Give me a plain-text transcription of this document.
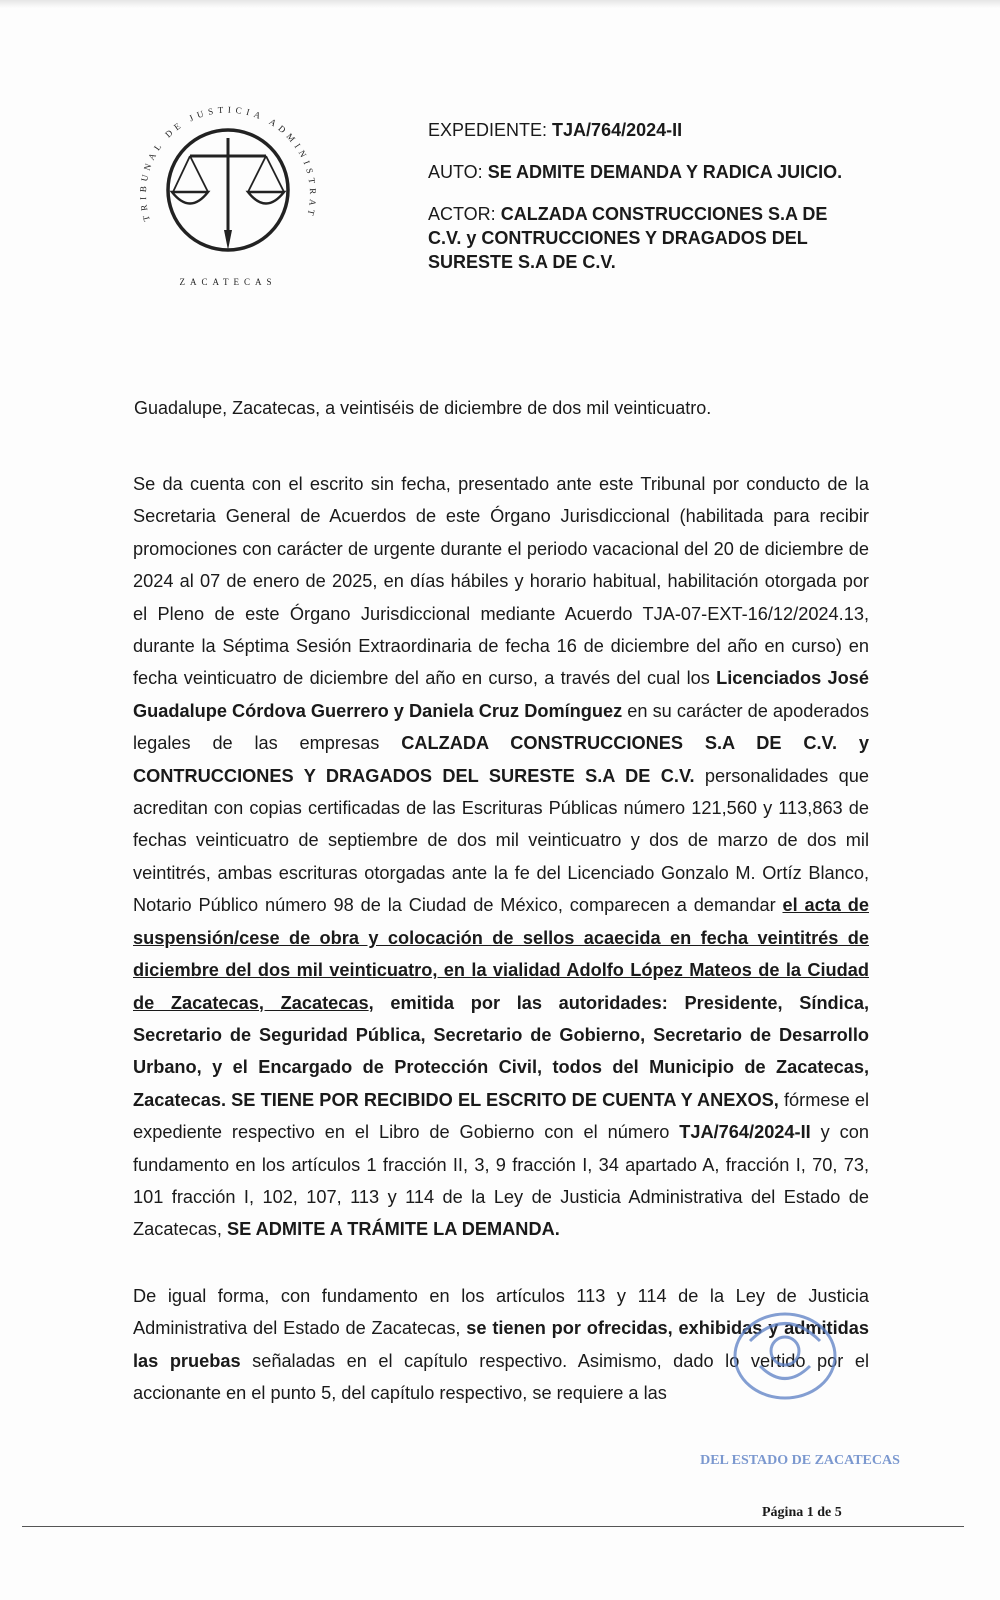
TRIBUNAL DE JUSTICIA ADMINISTRAT
ZACATECAS

EXPEDIENTE: TJA/764/2024-II

AUTO: SE ADMITE DEMANDA Y RADICA JUICIO.

ACTOR: CALZADA CONSTRUCCIONES S.A DE C.V. y CONTRUCCIONES Y DRAGADOS DEL SURESTE S.A DE C.V.

Guadalupe, Zacatecas, a veintiséis de diciembre de dos mil veinticuatro.

Se da cuenta con el escrito sin fecha, presentado ante este Tribunal por conducto de la Secretaria General de Acuerdos de este Órgano Jurisdiccional (habilitada para recibir promociones con carácter de urgente durante el periodo vacacional del 20 de diciembre de 2024 al 07 de enero de 2025, en días hábiles y horario habitual, habilitación otorgada por el Pleno de este Órgano Jurisdiccional mediante Acuerdo TJA-07-EXT-16/12/2024.13, durante la Séptima Sesión Extraordinaria de fecha 16 de diciembre del año en curso) en fecha veinticuatro de diciembre del año en curso, a través del cual los Licenciados José Guadalupe Córdova Guerrero y Daniela Cruz Domínguez en su carácter de apoderados legales de las empresas CALZADA CONSTRUCCIONES S.A DE C.V. y CONTRUCCIONES Y DRAGADOS DEL SURESTE S.A DE C.V. personalidades que acreditan con copias certificadas de las Escrituras Públicas número 121,560 y 113,863 de fechas veinticuatro de septiembre de dos mil veinticuatro y dos de marzo de dos mil veintitrés, ambas escrituras otorgadas ante la fe del Licenciado Gonzalo M. Ortíz Blanco, Notario Público número 98 de la Ciudad de México, comparecen a demandar el acta de suspensión/cese de obra y colocación de sellos acaecida en fecha veintitrés de diciembre del dos mil veinticuatro, en la vialidad Adolfo López Mateos de la Ciudad de Zacatecas, Zacatecas, emitida por las autoridades: Presidente, Síndica, Secretario de Seguridad Pública, Secretario de Gobierno, Secretario de Desarrollo Urbano, y el Encargado de Protección Civil, todos del Municipio de Zacatecas, Zacatecas. SE TIENE POR RECIBIDO EL ESCRITO DE CUENTA Y ANEXOS, fórmese el expediente respectivo en el Libro de Gobierno con el número TJA/764/2024-II y con fundamento en los artículos 1 fracción II, 3, 9 fracción I, 34 apartado A, fracción I, 70, 73, 101 fracción I, 102, 107, 113 y 114 de la Ley de Justicia Administrativa del Estado de Zacatecas, SE ADMITE A TRÁMITE LA DEMANDA.

De igual forma, con fundamento en los artículos 113 y 114 de la Ley de Justicia Administrativa del Estado de Zacatecas, se tienen por ofrecidas, exhibidas y admitidas las pruebas señaladas en el capítulo respectivo. Asimismo, dado lo vertido por el accionante en el punto 5, del capítulo respectivo, se requiere a las

DEL ESTADO DE ZACATECAS
Página 1 de 5
